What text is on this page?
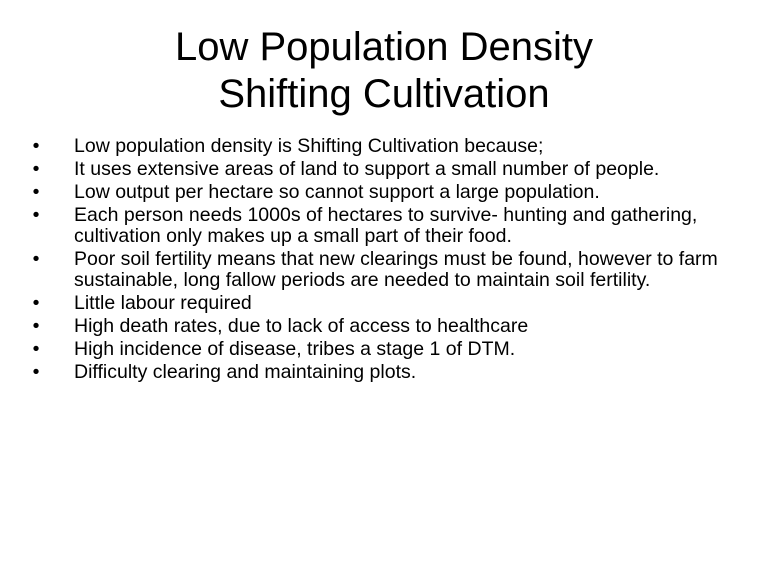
Low Population Density
Shifting Cultivation
• Low population density is Shifting Cultivation because;
• It uses extensive areas of land to support a small number of people.
• Low output per hectare so cannot support a large population.
• Each person needs 1000s of hectares to survive- hunting and gathering, cultivation only makes up a small part of their food.
• Poor soil fertility means that new clearings must be found, however to farm sustainable, long fallow periods are needed to maintain soil fertility.
• Little labour required
• High death rates, due to lack of access to healthcare
• High incidence of disease, tribes a stage 1 of DTM.
• Difficulty clearing and maintaining plots.
